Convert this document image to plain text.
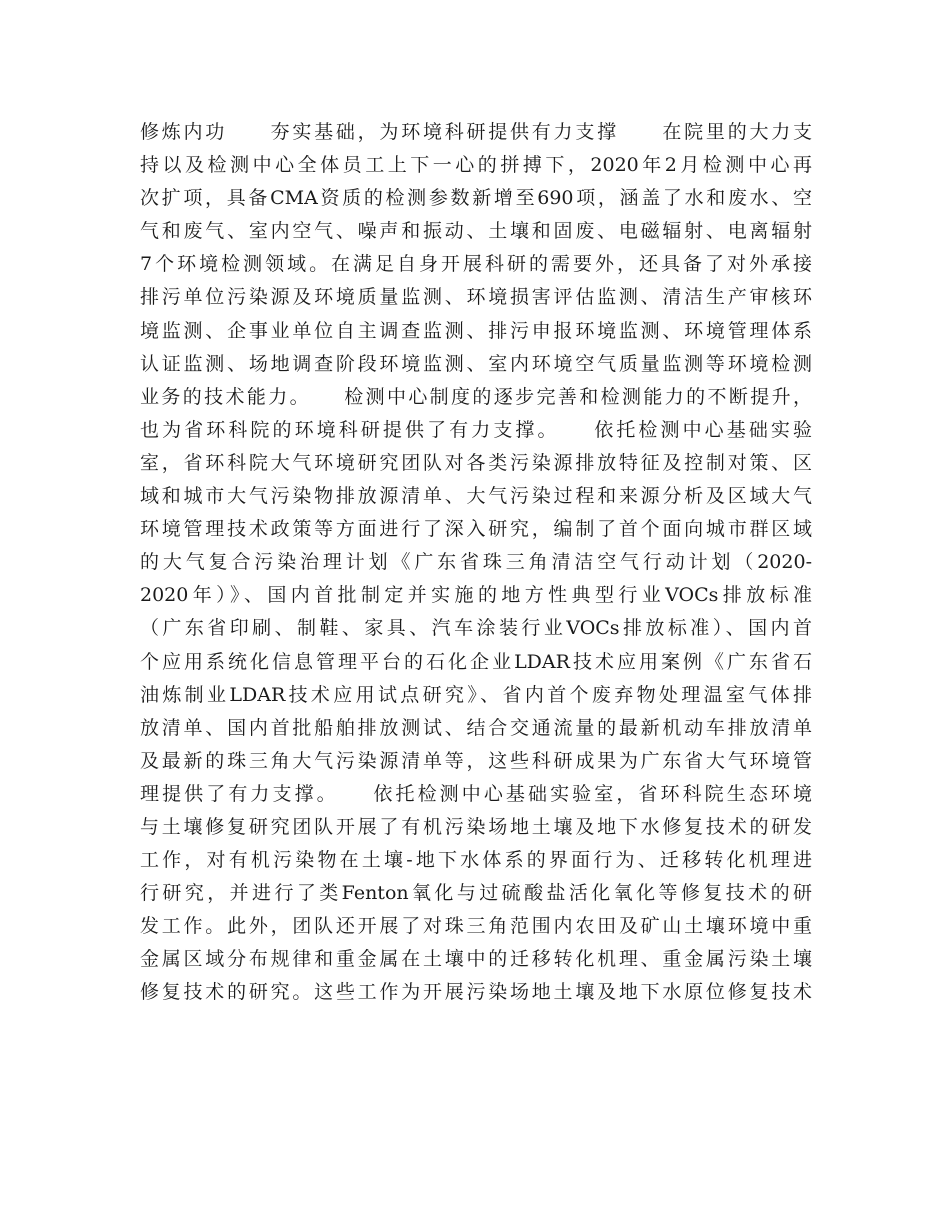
修炼内功　　夯实基础，为环境科研提供有力支撑　　在院里的大力支
持以及检测中心全体员工上下一心的拼搏下，2020年2月检测中心再
次扩项，具备CMA资质的检测参数新增至690项，涵盖了水和废水、空
气和废气、室内空气、噪声和振动、土壤和固废、电磁辐射、电离辐射
7个环境检测领域。在满足自身开展科研的需要外，还具备了对外承接
排污单位污染源及环境质量监测、环境损害评估监测、清洁生产审核环
境监测、企事业单位自主调查监测、排污申报环境监测、环境管理体系
认证监测、场地调查阶段环境监测、室内环境空气质量监测等环境检测
业务的技术能力。　　检测中心制度的逐步完善和检测能力的不断提升，
也为省环科院的环境科研提供了有力支撑。　　依托检测中心基础实验
室，省环科院大气环境研究团队对各类污染源排放特征及控制对策、区
域和城市大气污染物排放源清单、大气污染过程和来源分析及区域大气
环境管理技术政策等方面进行了深入研究，编制了首个面向城市群区域
的大气复合污染治理计划《广东省珠三角清洁空气行动计划（2020-
2020年）》、国内首批制定并实施的地方性典型行业VOCs排放标准
（广东省印刷、制鞋、家具、汽车涂装行业VOCs排放标准）、国内首
个应用系统化信息管理平台的石化企业LDAR技术应用案例《广东省石
油炼制业LDAR技术应用试点研究》、省内首个废弃物处理温室气体排
放清单、国内首批船舶排放测试、结合交通流量的最新机动车排放清单
及最新的珠三角大气污染源清单等，这些科研成果为广东省大气环境管
理提供了有力支撑。　　依托检测中心基础实验室，省环科院生态环境
与土壤修复研究团队开展了有机污染场地土壤及地下水修复技术的研发
工作，对有机污染物在土壤-地下水体系的界面行为、迁移转化机理进
行研究，并进行了类Fenton氧化与过硫酸盐活化氧化等修复技术的研
发工作。此外，团队还开展了对珠三角范围内农田及矿山土壤环境中重
金属区域分布规律和重金属在土壤中的迁移转化机理、重金属污染土壤
修复技术的研究。这些工作为开展污染场地土壤及地下水原位修复技术
